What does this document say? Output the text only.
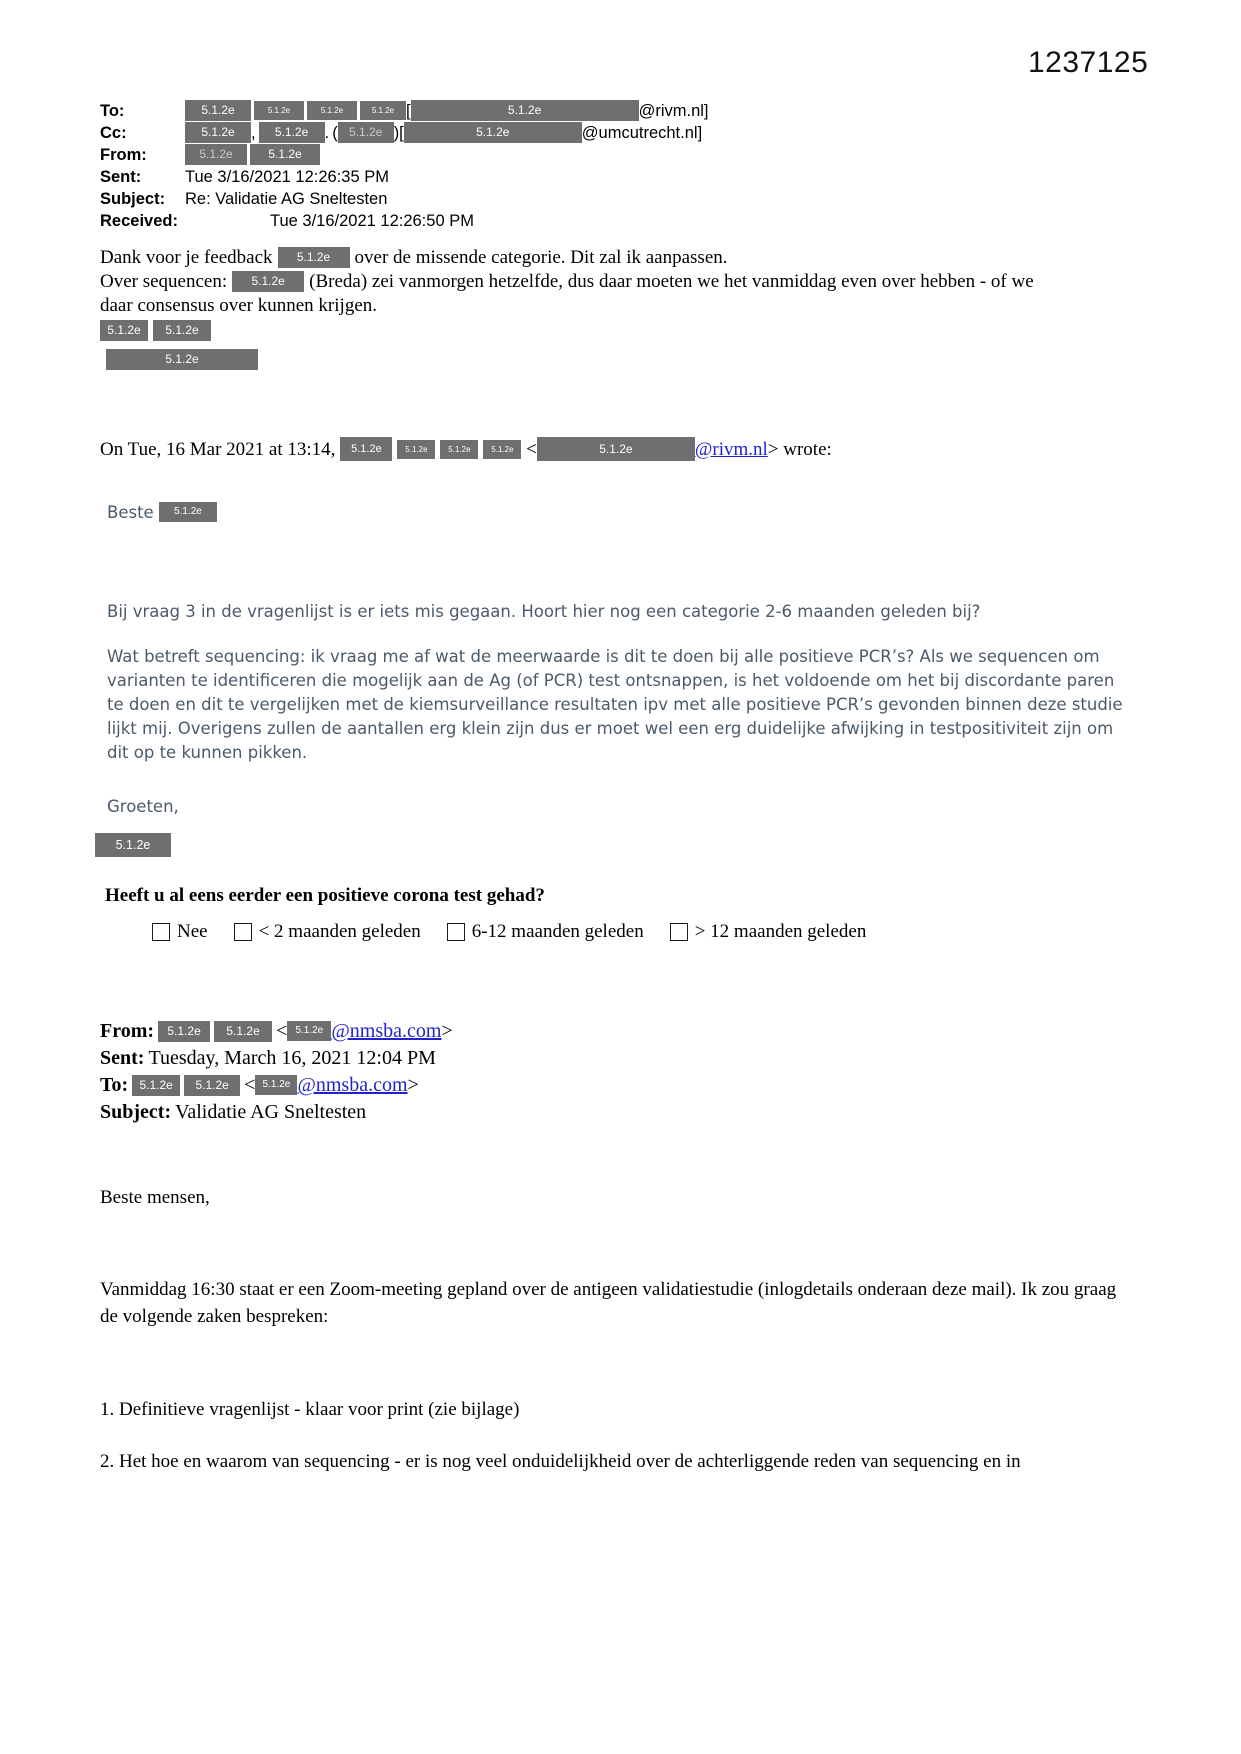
1237125
To:	5.1.2e	5.1.2e	5.1.2e	5.1.2e [	5.1.2e	@rivm.nl]
Cc:	5.1.2e , 5.1.2e . ( 5.1.2e )[	5.1.2e	@umcutrecht.nl]
From:	5.1.2e	5.1.2e
Sent:	Tue 3/16/2021 12:26:35 PM
Subject: Re: Validatie AG Sneltesten
Received:	Tue 3/16/2021 12:26:50 PM
Dank voor je feedback 5.1.2e over de missende categorie. Dit zal ik aanpassen.
Over sequencen: 5.1.2e (Breda) zei vanmorgen hetzelfde, dus daar moeten we het vanmiddag even over hebben - of we
daar consensus over kunnen krijgen.
5.1.2e 5.1.2e
5.1.2e
On Tue, 16 Mar 2021 at 13:14, 5.1.2e	5.1.2e	5.1.2e	5.1.2e <	5.1.2e	@rivm.nl> wrote:
Beste 5.1.2e
Bij vraag 3 in de vragenlijst is er iets mis gegaan. Hoort hier nog een categorie 2-6 maanden geleden bij?
Wat betreft sequencing: ik vraag me af wat de meerwaarde is dit te doen bij alle positieve PCR’s? Als we sequencen om varianten te identificeren die mogelijk aan de Ag (of PCR) test ontsnappen, is het voldoende om het bij discordante paren te doen en dit te vergelijken met de kiemsurveillance resultaten ipv met alle positieve PCR’s gevonden binnen deze studie lijkt mij. Overigens zullen de aantallen erg klein zijn dus er moet wel een erg duidelijke afwijking in testpositiviteit zijn om dit op te kunnen pikken.
Groeten,
5.1.2e
Heeft u al eens eerder een positieve corona test gehad?
Nee	< 2 maanden geleden	6-12 maanden geleden	> 12 maanden geleden
From: 5.1.2e 5.1.2e < 5.1.2e @nmsba.com>
Sent: Tuesday, March 16, 2021 12:04 PM
To: 5.1.2e 5.1.2e < 5.1.2e @nmsba.com>
Subject: Validatie AG Sneltesten
Beste mensen,
Vanmiddag 16:30 staat er een Zoom-meeting gepland over de antigeen validatiestudie (inlogdetails onderaan deze mail). Ik zou graag de volgende zaken bespreken:
1. Definitieve vragenlijst - klaar voor print (zie bijlage)
2. Het hoe en waarom van sequencing - er is nog veel onduidelijkheid over de achterliggende reden van sequencing en in
